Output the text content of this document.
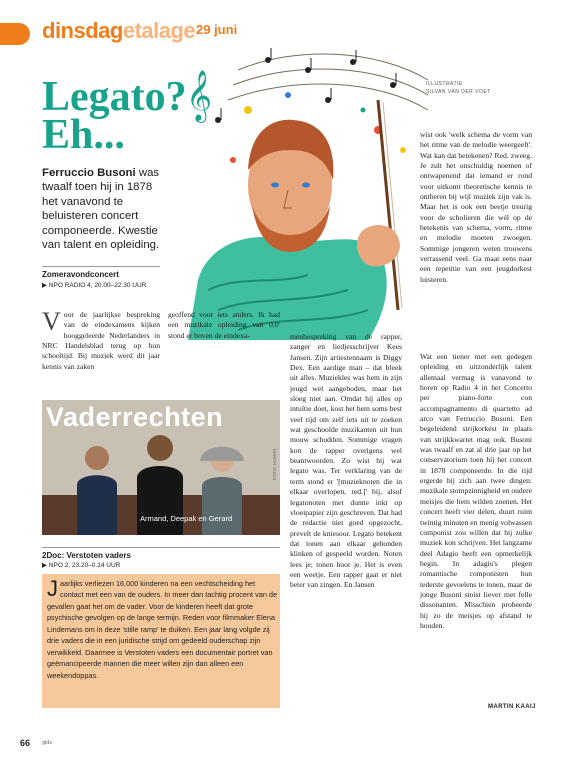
dinsdagetalage 29 juni
Legato?
Eh...
𝄞	ILLUSTRATIE
SILVAN VAN DER VOET
Ferruccio Busoni was twaalf toen hij in 1878 het vanavond te beluisteren concert componeerde. Kwestie van talent en opleiding.
Zomeravondconcert
▶ NPO RADIO 4, 20.00–22.30 UUR
Voor de jaarlijkse bespreking van de eindexamens kijken hooggeleerde Nederlanders in NRC Handelsblad terug op hun schooltijd. Bij muziek werd dit jaar kennis van zaken
geoffend voor iets anders. Ik had een muzikale opleiding van 0,0' stond er boven de eindexa-	menbespreking van de rapper, zanger en liedjesschrijver Kees Jansen. Zijn artiestennaam is Diggy Dex. Een aardige man – dat bleek uit alles. Muziekles was hem in zijn jeugd wel aangeboden, maar het sloeg niet aan. Omdat hij alles op intuïtie doet, kost het hem soms best veel tijd om zelf iets uit te zoeken wat geschoolde muzikanten uit hun mouw schudden. Sommige vragen kon de rapper overigens wel beantwoorden. Zo wist hij wat legato was. Ter verklaring van de term stond er '[muzieknoten die in elkaar overlopen, red.]' bij, alsof legatonoten met dunne inkt op vloeipapier zijn geschreven. Dat had de redactie niet goed opgezocht, prevelt de kniesoor. Legato betekent dat tonen aan elkaar gebonden klinken of gespeeld worden. Noten lees je; tonen hoor je. Het is even een weetje. Een rapper gaat er niet beter van zingen. En Jansen
wist ook 'welk schema de vorm van het ritme van de melodie weergeeft'. Wat kan dat betekenen? Red. zweeg. Je zult het onschuldig noemen of ontwapenend dat iemand er rond voor uitkomt theoretische kennis te ontberen bij wijl muziek zijn vak is. Maar het is ook een beetje treurig voor de scholieren die wél op de betekenis van schema, vorm, ritme en melodie moeten zwoegen. Sommige jongeren weten trouwens verrassend veel. Ga maar eens naar een repetitie van een jeugdorkest luisteren.
Wat een tiener met een gedegen opleiding en uitzonderlijk talent allemaal vermag is vanavond te horen op Radio 4 in het Concerto per piano-forte con accompagnamento di quartetto ad arco van Ferruccio Busoni. Een begeleidend strijkorkest in plaats van strijkkwartet mag ook. Busoni was twaalf en zat al drie jaar op het conservatorium toen hij het concert in 1878 componeerde. In die tijd ergerde hij zich aan twee dingen: muzikale stompzinnigheid en oudere meisjes die hem wilden zoenen. Het concert heeft vier delen, duurt ruim twintig minuten en menig volwassen componist zou willen dat hij zulke muziek kon schrijven. Het langzame deel Adagio heeft een opmerkelijk begin. In adagio's plegen romantische componisten hun tederste gevoelens te tonen, maar de jonge Busoni stoist liever met felle dissonanten. Misschien probeerde hij zo de meisjes op afstand te houden.
MARTIN KAAIJ
Vaderrechten
Armand, Deepak en Gerard
FOTO: HUMAN
2Doc: Verstoten vaders
▶ NPO 2, 23.20–0.14 UUR
Jaarlijks verliezen 16.000 kinderen na een vechtscheiding het contact met een van de ouders. In meer dan tachtig procent van de gevallen gaat het om de vader. Voor de kinderen heeft dat grote psychische gevolgen op de lange termijn. Reden voor filmmaker Elena Lindemans om in deze 'stille ramp' te duiken. Een jaar lang volgde zij drie vaders die in een juridische strijd om gedeeld ouderschap zijn verwikkeld. Daarmee is Verstoten vaders een documentair portret van geëmancipeerde mannen die meer willen zijn dan alleen een weekendoppas.
66 gids
